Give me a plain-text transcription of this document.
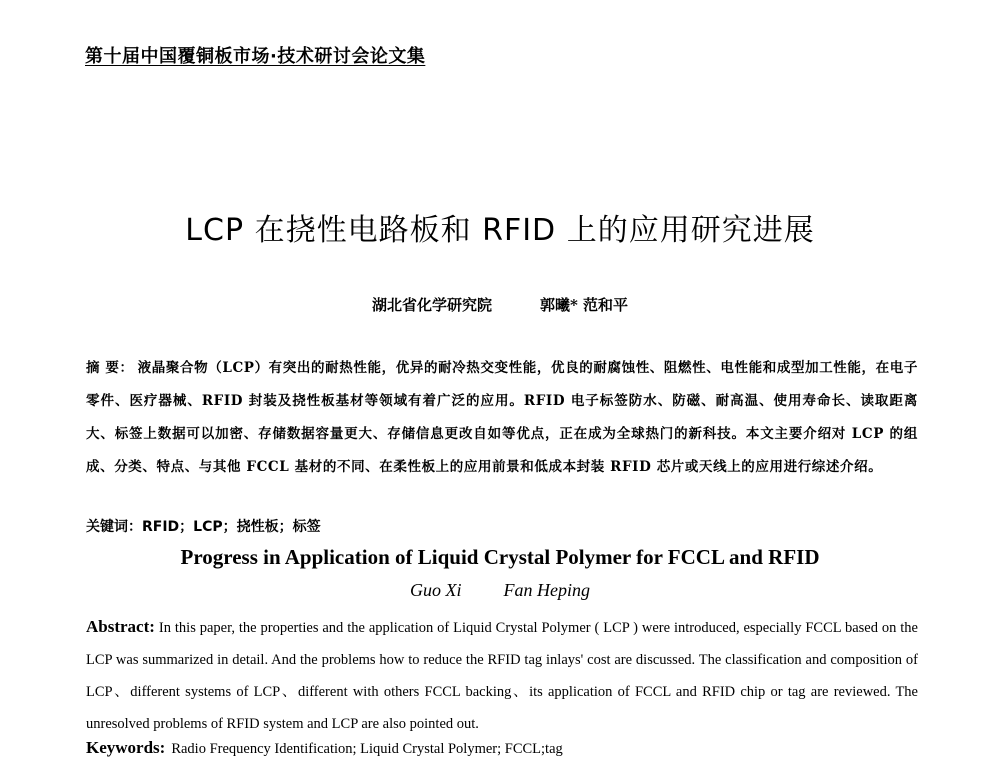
第十届中国覆铜板市场·技术研讨会论文集
LCP 在挠性电路板和 RFID 上的应用研究进展
湖北省化学研究院	郭曦* 范和平
摘 要： 液晶聚合物（LCP）有突出的耐热性能，优异的耐冷热交变性能，优良的耐腐蚀性、阻燃性、电性能和成型加工性能，在电子零件、医疗器械、RFID 封装及挠性板基材等领域有着广泛的应用。RFID 电子标签防水、防磁、耐高温、使用寿命长、读取距离大、标签上数据可以加密、存储数据容量更大、存储信息更改自如等优点，正在成为全球热门的新科技。本文主要介绍对 LCP 的组成、分类、特点、与其他 FCCL 基材的不同、在柔性板上的应用前景和低成本封装 RFID 芯片或天线上的应用进行综述介绍。
关键词：RFID；LCP；挠性板；标签
Progress in Application of Liquid Crystal Polymer for FCCL and RFID
Guo Xi Fan Heping
Abstract: In this paper, the properties and the application of Liquid Crystal Polymer ( LCP ) were introduced, especially FCCL based on the LCP was summarized in detail. And the problems how to reduce the RFID tag inlays' cost are discussed. The classification and composition of LCP、different systems of LCP、different with others FCCL backing、its application of FCCL and RFID chip or tag are reviewed. The unresolved problems of RFID system and LCP are also pointed out.
Keywords: Radio Frequency Identification; Liquid Crystal Polymer; FCCL;tag
